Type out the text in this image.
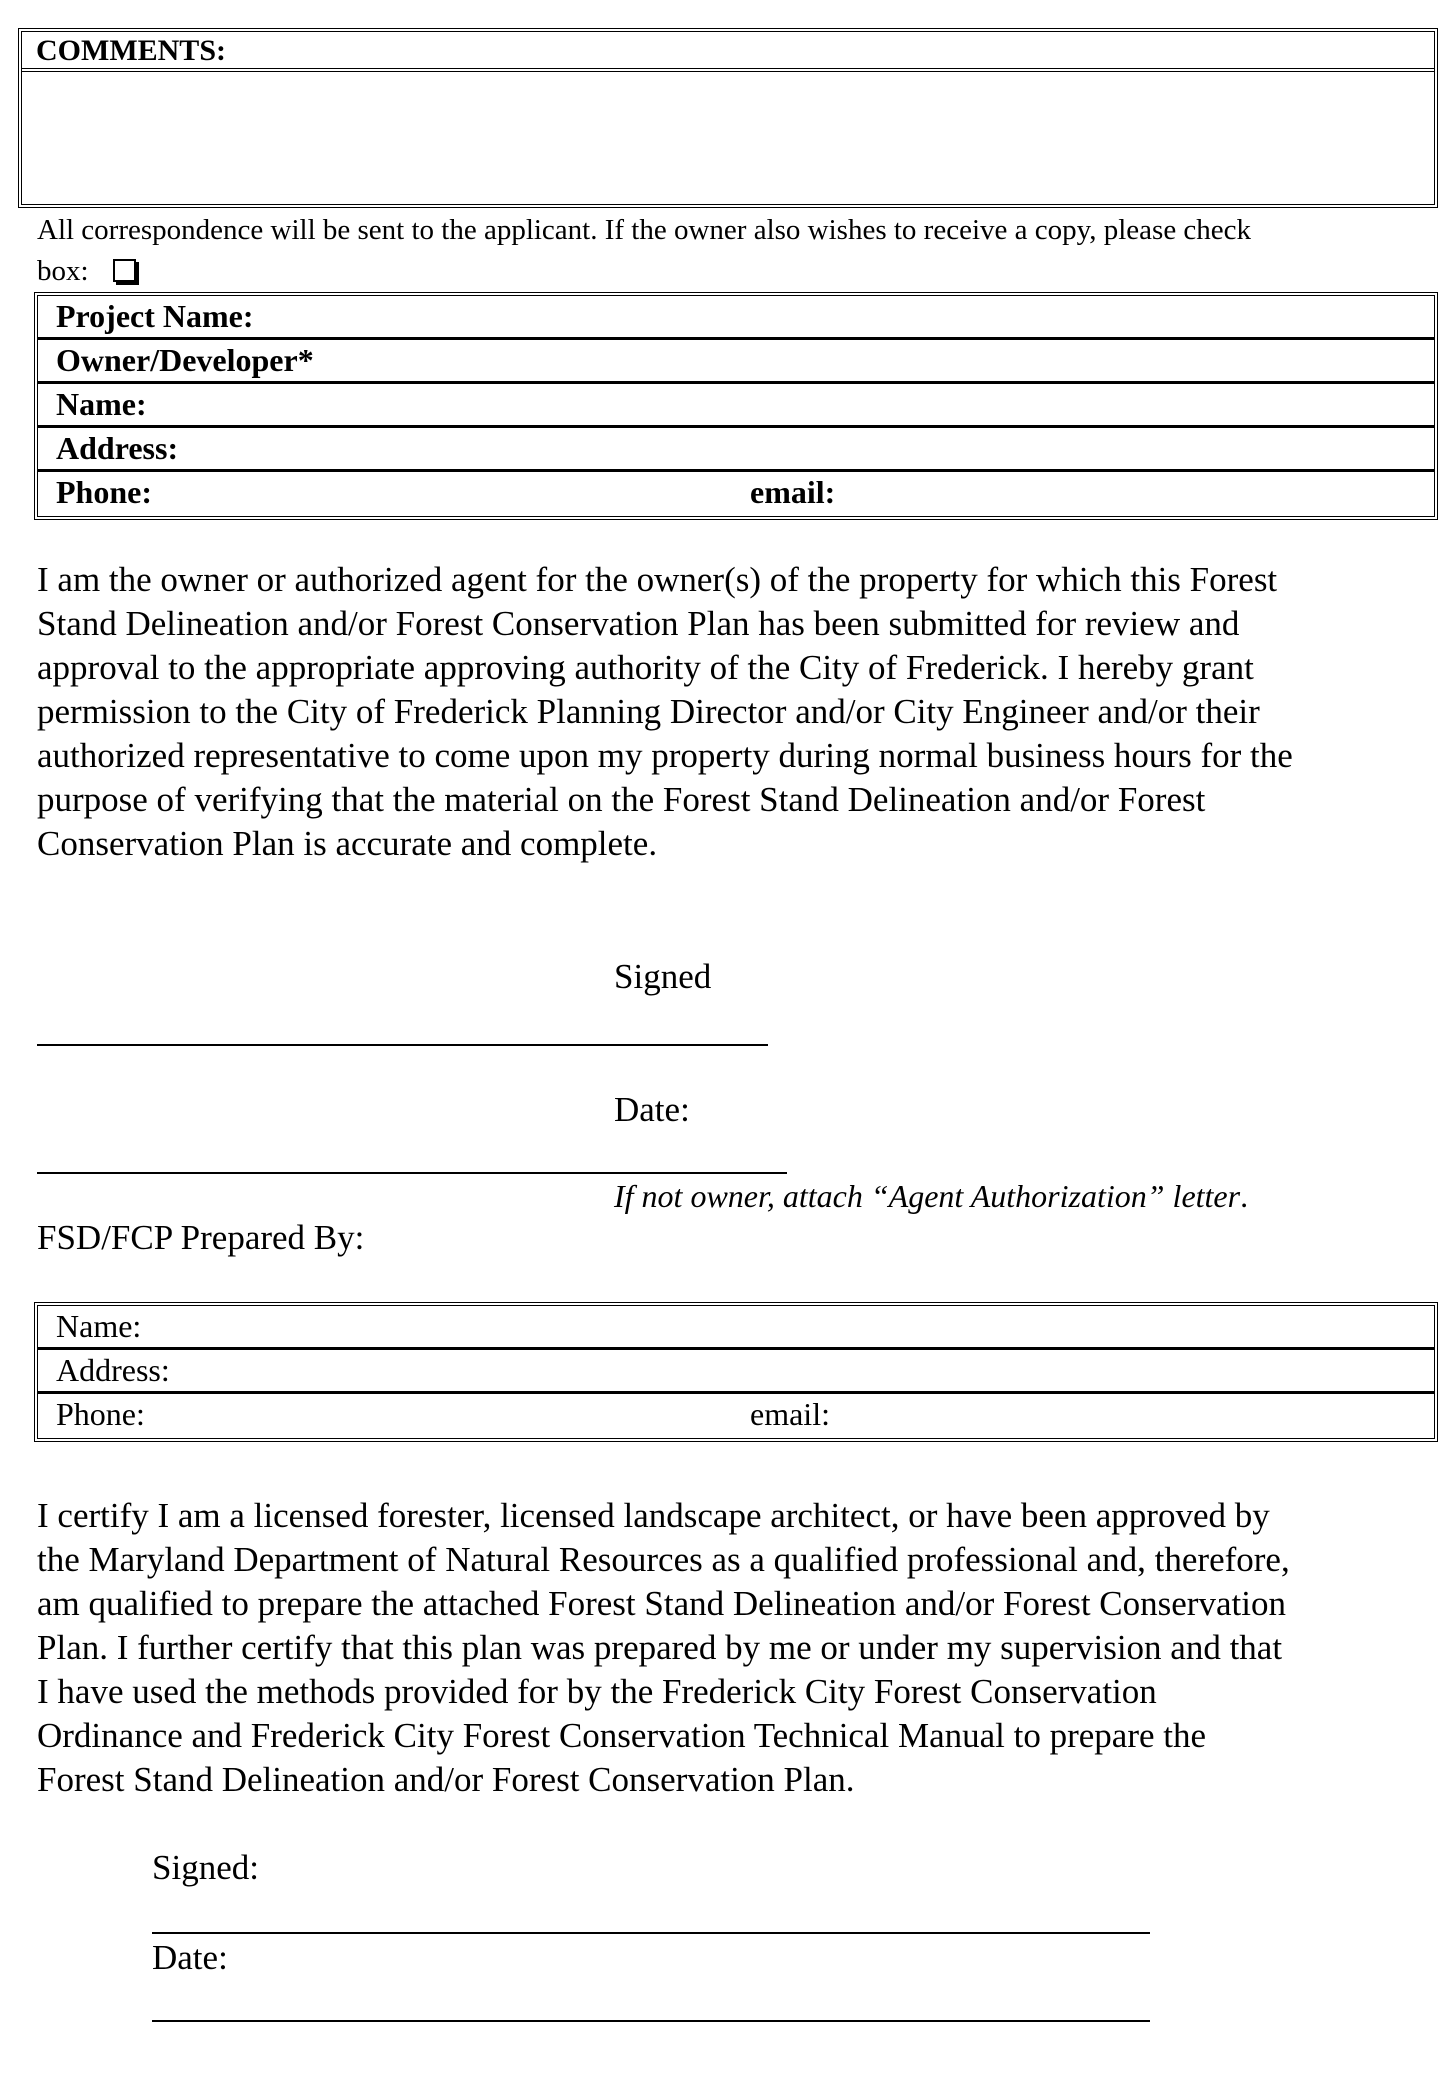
COMMENTS:
All correspondence will be sent to the applicant. If the owner also wishes to receive a copy, please check
box:
Project Name:
Owner/Developer*
Name:
Address:
Phone:	email:
I am the owner or authorized agent for the owner(s) of the property for which this Forest
Stand Delineation and/or Forest Conservation Plan has been submitted for review and
approval to the appropriate approving authority of the City of Frederick. I hereby grant
permission to the City of Frederick Planning Director and/or City Engineer and/or their
authorized representative to come upon my property during normal business hours for the
purpose of verifying that the material on the Forest Stand Delineation and/or Forest
Conservation Plan is accurate and complete.
Signed
Date:
If not owner, attach “Agent Authorization” letter.
FSD/FCP Prepared By:
Name:
Address:
Phone:	email:
I certify I am a licensed forester, licensed landscape architect, or have been approved by
the Maryland Department of Natural Resources as a qualified professional and, therefore,
am qualified to prepare the attached Forest Stand Delineation and/or Forest Conservation
Plan. I further certify that this plan was prepared by me or under my supervision and that
I have used the methods provided for by the Frederick City Forest Conservation
Ordinance and Frederick City Forest Conservation Technical Manual to prepare the
Forest Stand Delineation and/or Forest Conservation Plan.
Signed:
Date:
